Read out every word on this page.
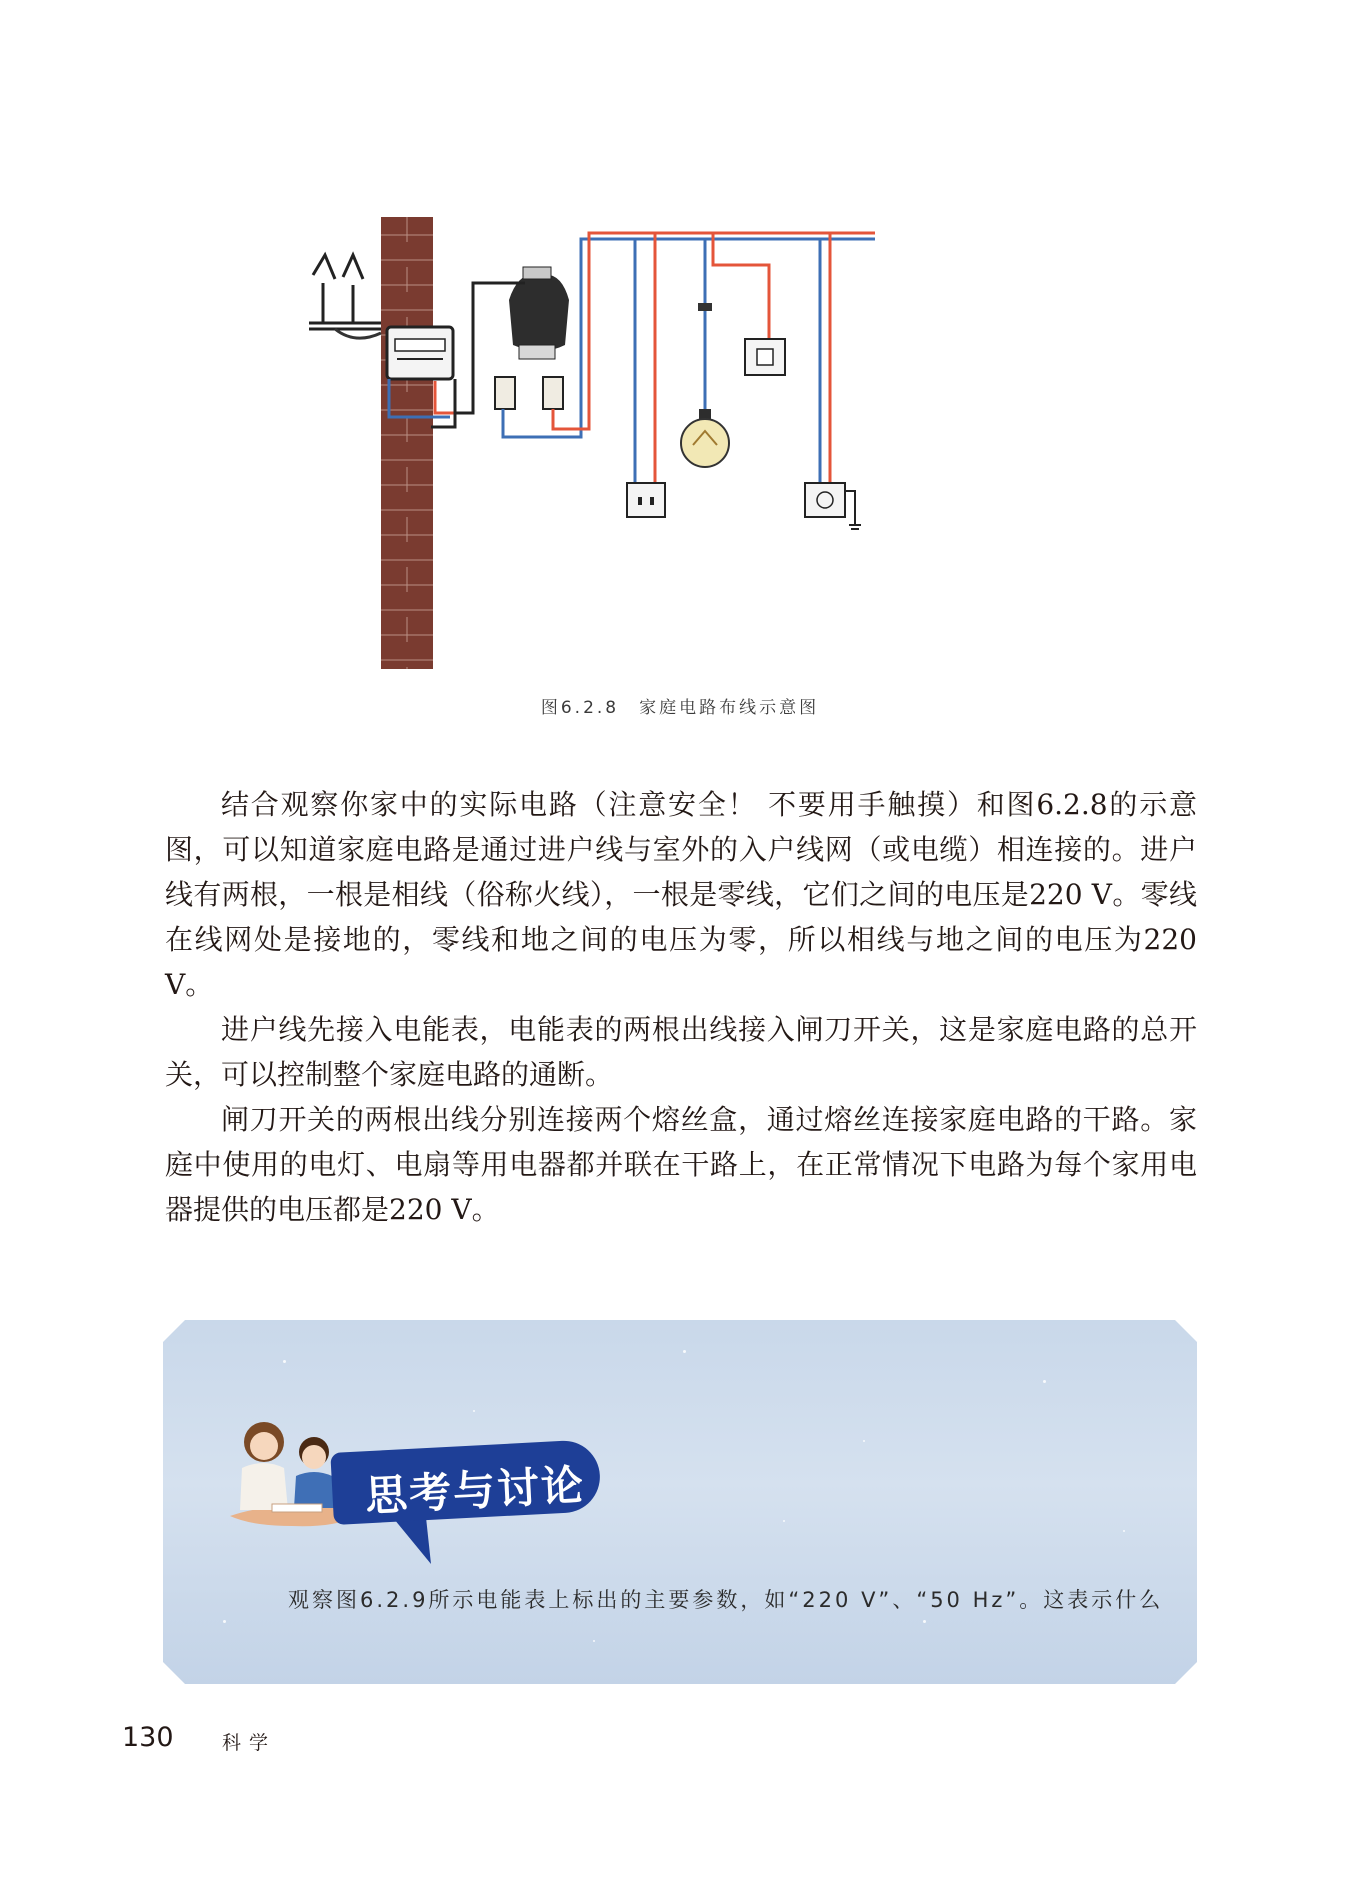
图6.2.8　家庭电路布线示意图

结合观察你家中的实际电路（注意安全！ 不要用手触摸）和图6.2.8的示意图，可以知道家庭电路是通过进户线与室外的入户线网（或电缆）相连接的。进户线有两根，一根是相线（俗称火线），一根是零线，它们之间的电压是220 V。零线在线网处是接地的，零线和地之间的电压为零，所以相线与地之间的电压为220 V。

进户线先接入电能表，电能表的两根出线接入闸刀开关，这是家庭电路的总开关，可以控制整个家庭电路的通断。

闸刀开关的两根出线分别连接两个熔丝盒，通过熔丝连接家庭电路的干路。家庭中使用的电灯、电扇等用电器都并联在干路上，在正常情况下电路为每个家用电器提供的电压都是220 V。

思考与讨论
观察图6.2.9所示电能表上标出的主要参数，如“220 V”、“50 Hz”。这表示什么
130	科学
